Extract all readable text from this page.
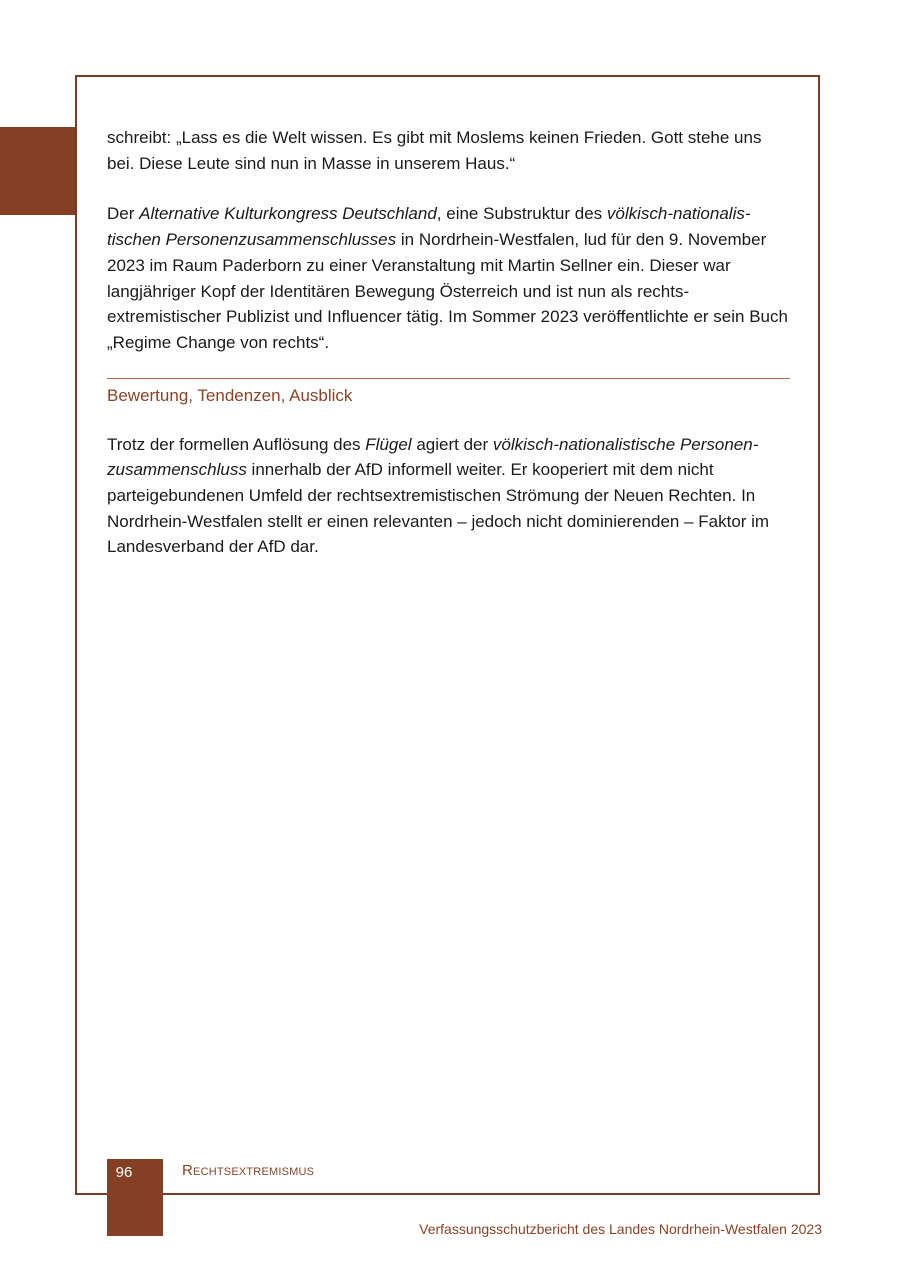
schreibt: „Lass es die Welt wissen. Es gibt mit Moslems keinen Frieden. Gott stehe uns bei. Diese Leute sind nun in Masse in unserem Haus.“

Der Alternative Kulturkongress Deutschland, eine Substruktur des völkisch-nationalistischen Personenzusammenschlusses in Nordrhein-Westfalen, lud für den 9. November 2023 im Raum Paderborn zu einer Veranstaltung mit Martin Sellner ein. Dieser war langjähriger Kopf der Identitären Bewegung Österreich und ist nun als rechtsextremistischer Publizist und Influencer tätig. Im Sommer 2023 veröffentlichte er sein Buch „Regime Change von rechts“.

Bewertung, Tendenzen, Ausblick

Trotz der formellen Auflösung des Flügel agiert der völkisch-nationalistische Personenzusammenschluss innerhalb der AfD informell weiter. Er kooperiert mit dem nicht parteigebundenen Umfeld der rechtsextremistischen Strömung der Neuen Rechten. In Nordrhein-Westfalen stellt er einen relevanten – jedoch nicht dominierenden – Faktor im Landesverband der AfD dar.

96	Rechtsextremismus
Verfassungsschutzbericht des Landes Nordrhein-Westfalen 2023
